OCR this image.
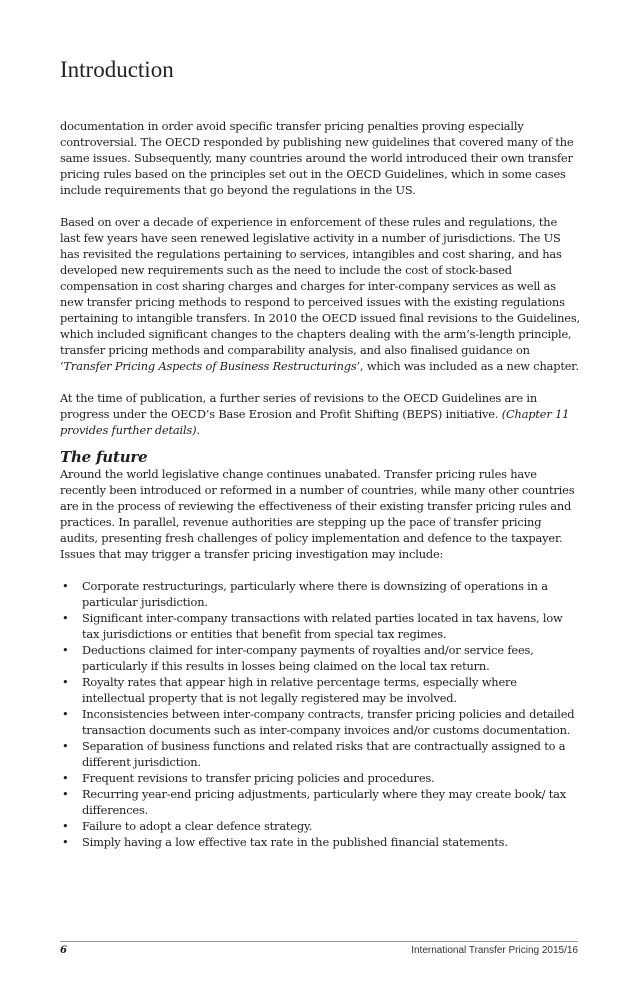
Introduction

documentation in order avoid specific transfer pricing penalties proving especially controversial. The OECD responded by publishing new guidelines that covered many of the same issues. Subsequently, many countries around the world introduced their own transfer pricing rules based on the principles set out in the OECD Guidelines, which in some cases include requirements that go beyond the regulations in the US.

Based on over a decade of experience in enforcement of these rules and regulations, the last few years have seen renewed legislative activity in a number of jurisdictions. The US has revisited the regulations pertaining to services, intangibles and cost sharing, and has developed new requirements such as the need to include the cost of stock-based compensation in cost sharing charges and charges for inter-company services as well as new transfer pricing methods to respond to perceived issues with the existing regulations pertaining to intangible transfers. In 2010 the OECD issued final revisions to the Guidelines, which included significant changes to the chapters dealing with the arm’s-length principle, transfer pricing methods and comparability analysis, and also finalised guidance on ‘Transfer Pricing Aspects of Business Restructurings’, which was included as a new chapter.

At the time of publication, a further series of revisions to the OECD Guidelines are in progress under the OECD’s Base Erosion and Profit Shifting (BEPS) initiative. (Chapter 11 provides further details).

The future

Around the world legislative change continues unabated. Transfer pricing rules have recently been introduced or reformed in a number of countries, while many other countries are in the process of reviewing the effectiveness of their existing transfer pricing rules and practices. In parallel, revenue authorities are stepping up the pace of transfer pricing audits, presenting fresh challenges of policy implementation and defence to the taxpayer. Issues that may trigger a transfer pricing investigation may include:

•	Corporate restructurings, particularly where there is downsizing of operations in a particular jurisdiction.
•	Significant inter-company transactions with related parties located in tax havens, low tax jurisdictions or entities that benefit from special tax regimes.
•	Deductions claimed for inter-company payments of royalties and/or service fees, particularly if this results in losses being claimed on the local tax return.
•	Royalty rates that appear high in relative percentage terms, especially where intellectual property that is not legally registered may be involved.
•	Inconsistencies between inter-company contracts, transfer pricing policies and detailed transaction documents such as inter-company invoices and/or customs documentation.
•	Separation of business functions and related risks that are contractually assigned to a different jurisdiction.
•	Frequent revisions to transfer pricing policies and procedures.
•	Recurring year-end pricing adjustments, particularly where they may create book/ tax differences.
•	Failure to adopt a clear defence strategy.
•	Simply having a low effective tax rate in the published financial statements.
6	International Transfer Pricing 2015/16
